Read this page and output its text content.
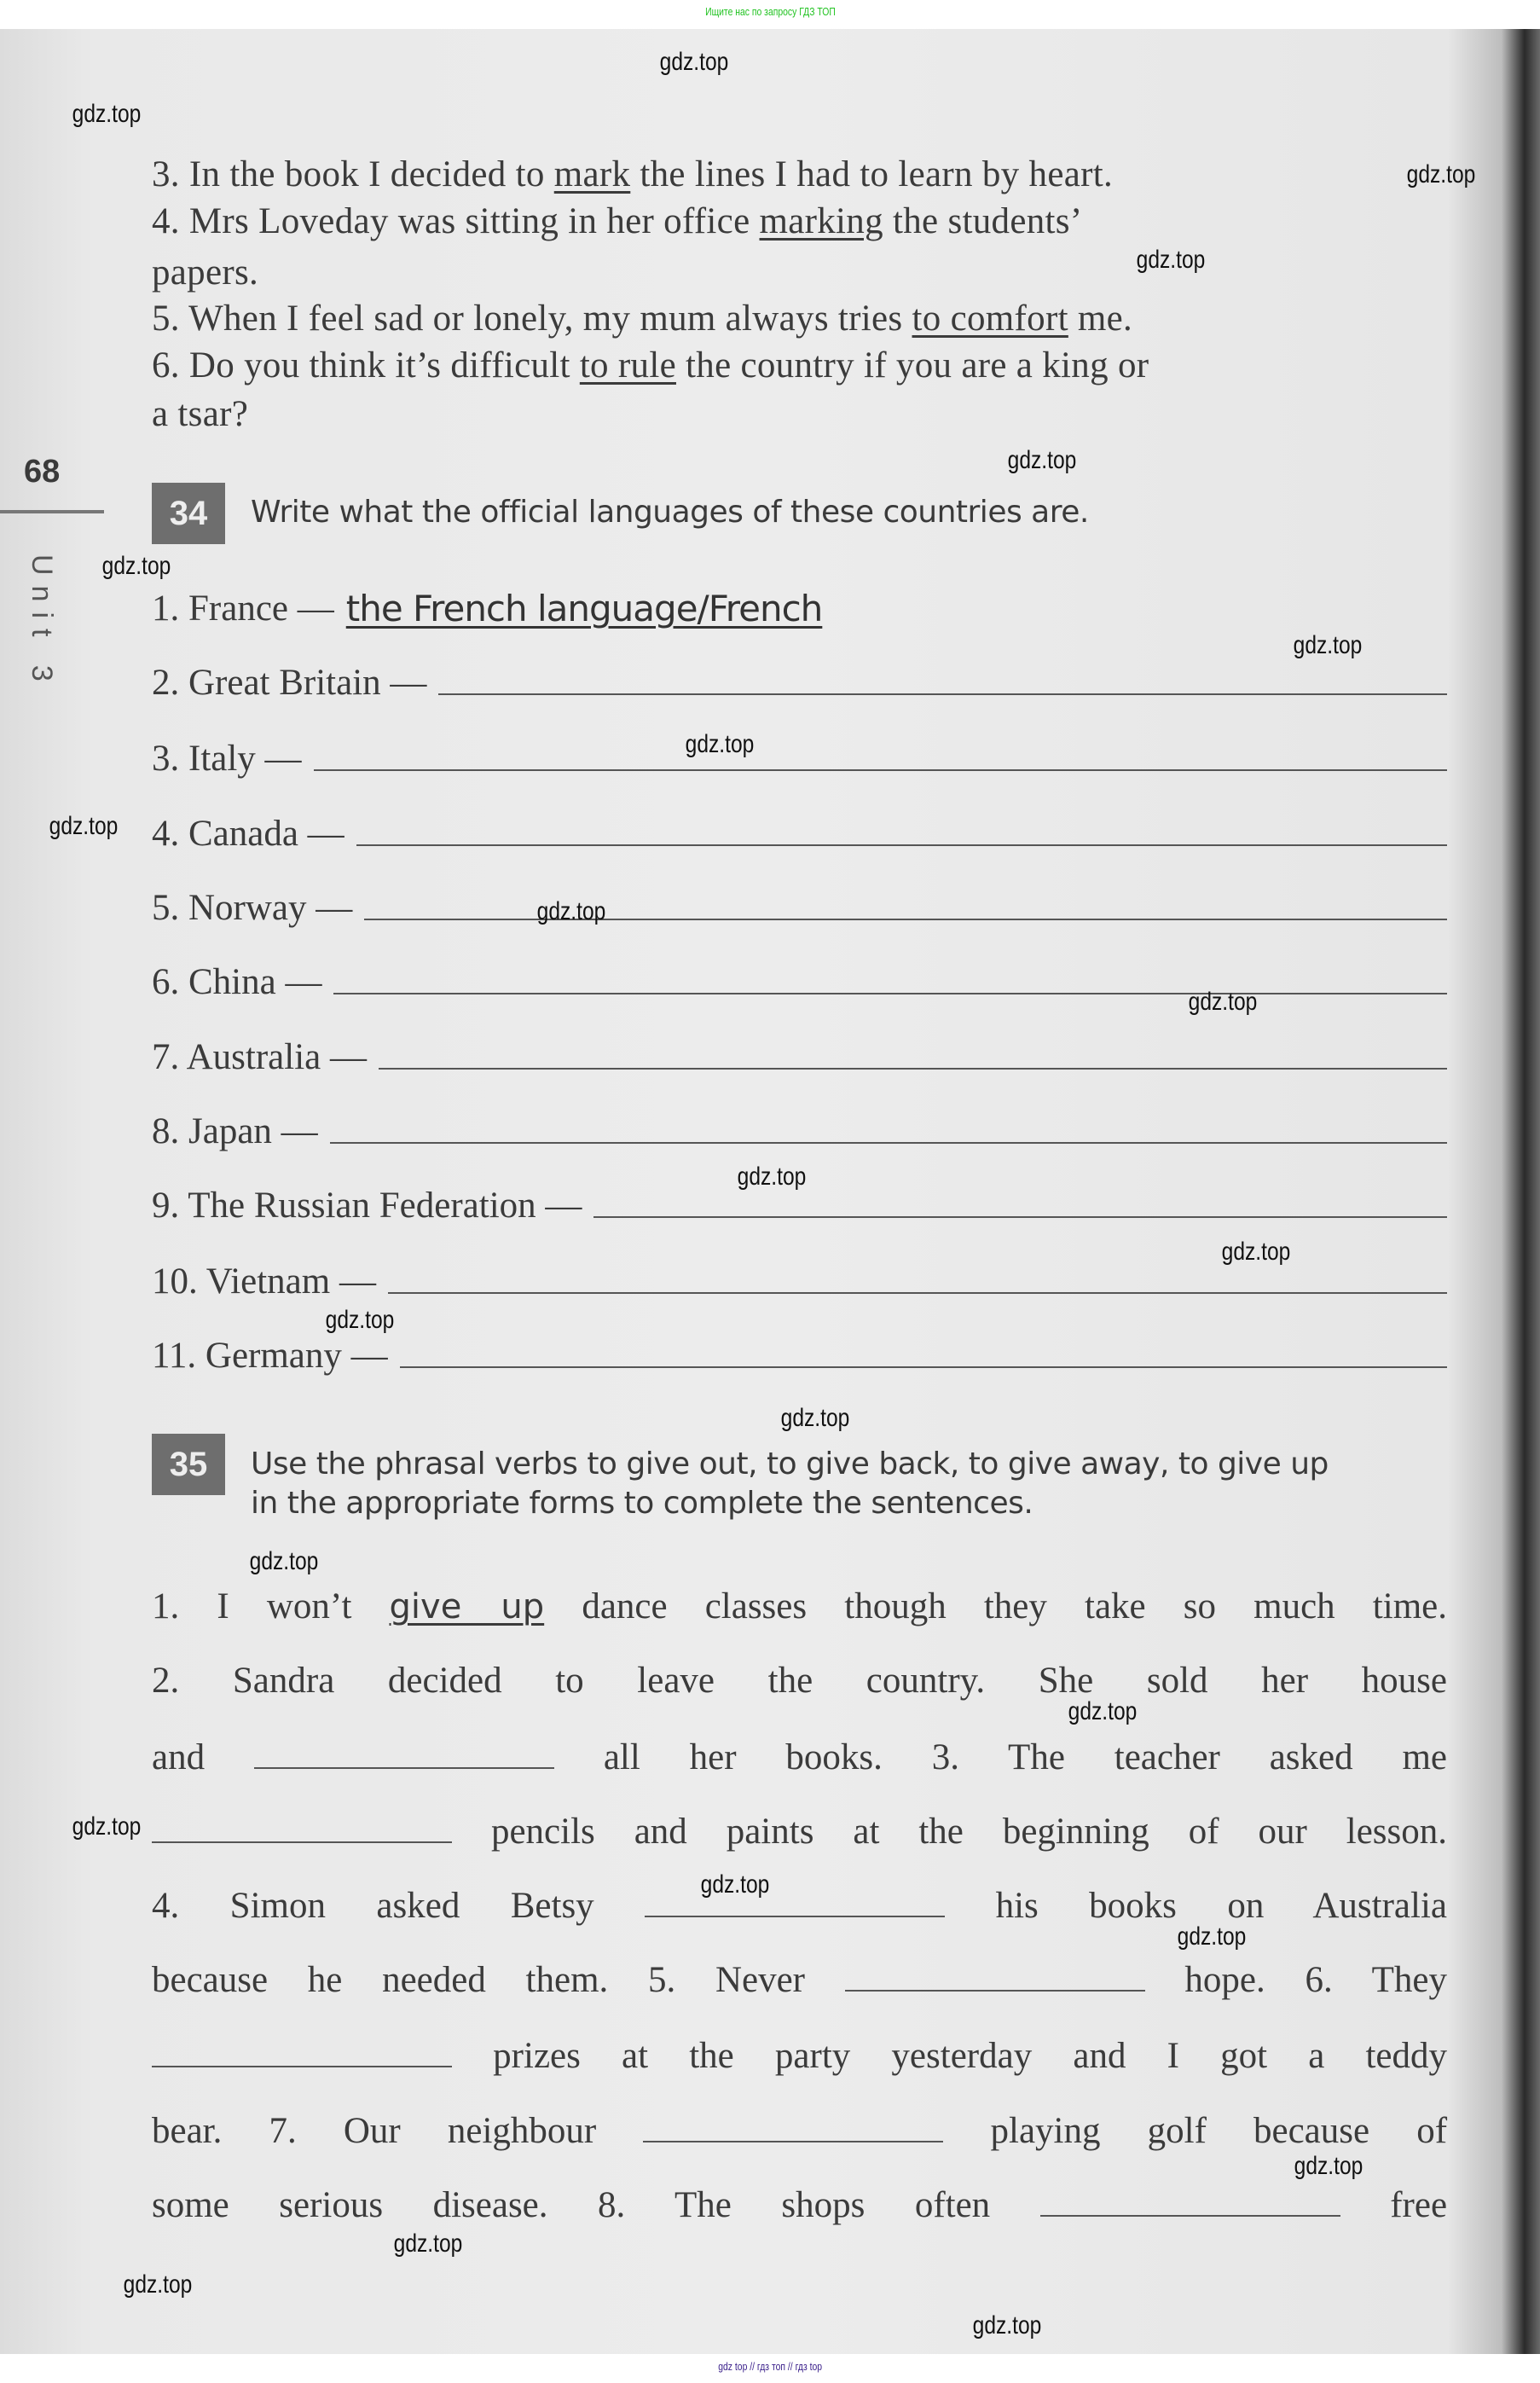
Ищите нас по запросу ГДЗ ТОП
68
Unit 3
3. In the book I decided to mark the lines I had to learn by heart.
4. Mrs Loveday was sitting in her office marking the students’
papers.
5. When I feel sad or lonely, my mum always tries to comfort me.
6. Do you think it’s difficult to rule the country if you are a king or
a tsar?
34	Write what the official languages of these countries are.
1. France — the French language/French
2. Great Britain —
3. Italy —
4. Canada —
5. Norway —
6. China —
7. Australia —
8. Japan —
9. The Russian Federation —
10. Vietnam —
11. Germany —
35	Use the phrasal verbs to give out, to give back, to give away, to give up
in the appropriate forms to complete the sentences.
1. I won’t give up dance classes though they take so much time.
2. Sandra decided to leave the country. She sold her house
and	all her books. 3. The teacher asked me
pencils and paints at the beginning of our lesson.
4. Simon asked Betsy	his books on Australia
because he needed them. 5. Never	hope. 6. They
prizes at the party yesterday and I got a teddy
bear. 7. Our neighbour	playing golf because of
some serious disease. 8. The shops often	free
gdz.top
gdz.top
gdz.top
gdz.top
gdz.top
gdz.top
gdz.top
gdz.top
gdz.top
gdz.top
gdz.top
gdz.top
gdz.top
gdz.top
gdz.top
gdz.top
gdz.top
gdz.top
gdz.top
gdz.top
gdz.top
gdz.top
gdz.top
gdz.top
gdz top // гдз топ // гдз top
